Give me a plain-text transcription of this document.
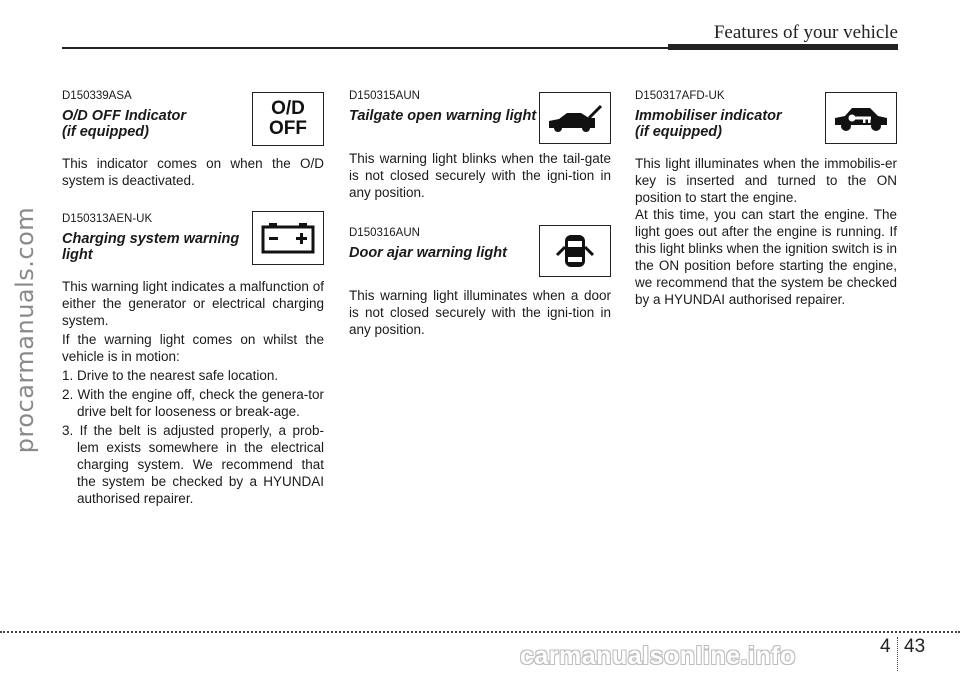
Features of your vehicle
procarmanuals.com
O/D
OFF

D150339ASA

O/D OFF Indicator
(if equipped)

This indicator comes on when the O/D system is deactivated.

D150313AEN-UK

Charging system warning
light

This warning light indicates a malfunction of either the generator or electrical charging system.

If the warning light comes on whilst the vehicle is in motion:

1. Drive to the nearest safe location.
2. With the engine off, check the genera-tor drive belt for looseness or break-age.
3. If the belt is adjusted properly, a prob-lem exists somewhere in the electrical charging system. We recommend that the system be checked by a HYUNDAI authorised repairer.

D150315AUN

Tailgate open warning light

This warning light blinks when the tail-gate is not closed securely with the igni-tion in any position.

D150316AUN

Door ajar warning light

This warning light illuminates when a door is not closed securely with the igni-tion in any position.

D150317AFD-UK

Immobiliser indicator
(if equipped)

This light illuminates when the immobilis-er key is inserted and turned to the ON position to start the engine.

At this time, you can start the engine. The light goes out after the engine is running. If this light blinks when the ignition switch is in the ON position before starting the engine, we recommend that the system be checked by a HYUNDAI authorised repairer.

4 43
carmanualsonline.info
